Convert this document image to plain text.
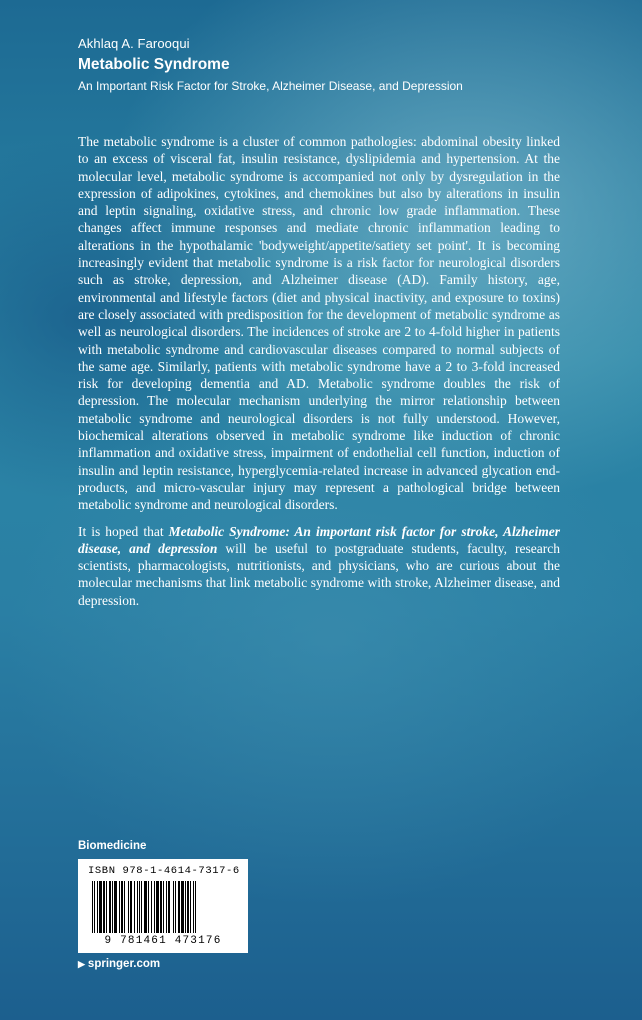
Akhlaq A. Farooqui
Metabolic Syndrome
An Important Risk Factor for Stroke, Alzheimer Disease, and Depression

The metabolic syndrome is a cluster of common pathologies: abdominal obesity linked to an excess of visceral fat, insulin resistance, dyslipidemia and hypertension. At the molecular level, metabolic syndrome is accompanied not only by dysregulation in the expression of adipokines, cytokines, and chemokines but also by alterations in insulin and leptin signaling, oxidative stress, and chronic low grade inflammation. These changes affect immune responses and mediate chronic inflammation leading to alterations in the hypothalamic 'bodyweight/appetite/satiety set point'. It is becoming increasingly evident that metabolic syndrome is a risk factor for neurological disorders such as stroke, depression, and Alzheimer disease (AD). Family history, age, environmental and lifestyle factors (diet and physical inactivity, and exposure to toxins) are closely associated with predisposition for the development of metabolic syndrome as well as neurological disorders. The incidences of stroke are 2 to 4-fold higher in patients with metabolic syndrome and cardiovascular diseases compared to normal subjects of the same age. Similarly, patients with metabolic syndrome have a 2 to 3-fold increased risk for developing dementia and AD. Metabolic syndrome doubles the risk of depression. The molecular mechanism underlying the mirror relationship between metabolic syndrome and neurological disorders is not fully understood. However, biochemical alterations observed in metabolic syndrome like induction of chronic inflammation and oxidative stress, impairment of endothelial cell function, induction of insulin and leptin resistance, hyperglycemia-related increase in advanced glycation end-products, and micro-vascular injury may represent a pathological bridge between metabolic syndrome and neurological disorders.

It is hoped that Metabolic Syndrome: An important risk factor for stroke, Alzheimer disease, and depression will be useful to postgraduate students, faculty, research scientists, pharmacologists, nutritionists, and physicians, who are curious about the molecular mechanisms that link metabolic syndrome with stroke, Alzheimer disease, and depression.

Biomedicine
ISBN 978-1-4614-7317-6
9 781461 473176
▶ springer.com
